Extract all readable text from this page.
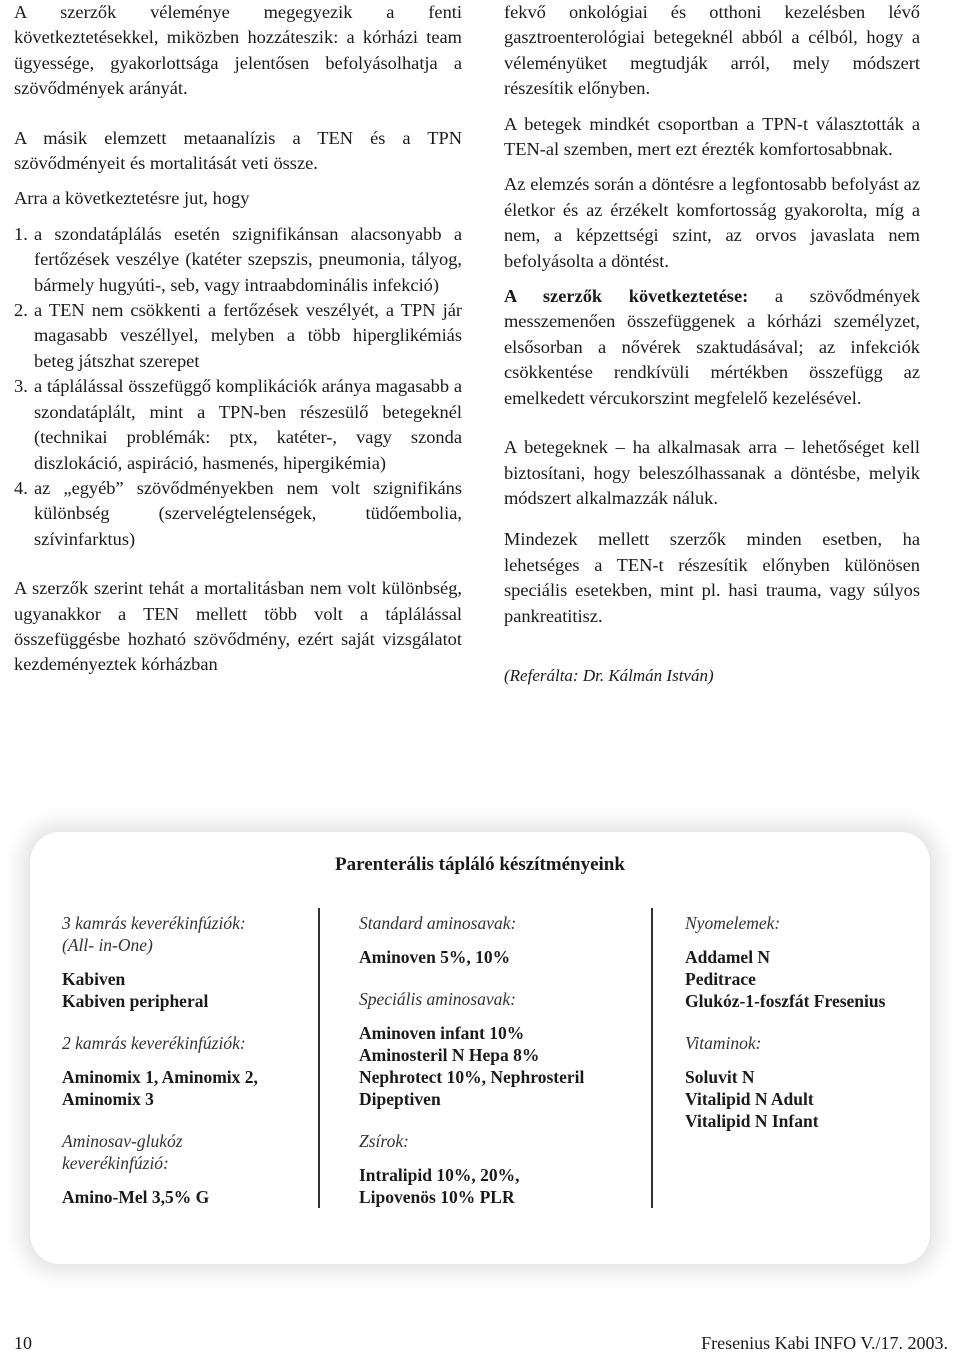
A szerzők véleménye megegyezik a fenti következtetésekkel, miközben hozzáteszik: a kórházi team ügyessége, gyakorlottsága jelentősen befolyásolhatja a szövődmények arányát.

A másik elemzett metaanalízis a TEN és a TPN szövődményeit és mortalitását veti össze.

Arra a következtetésre jut, hogy

1. a szondatáplálás esetén szignifikánsan alacsonyabb a fertőzések veszélye (katéter szepszis, pneumonia, tályog, bármely hugyúti-, seb, vagy intraabdominális infekció)
2. a TEN nem csökkenti a fertőzések veszélyét, a TPN jár magasabb veszéllyel, melyben a több hiperglikémiás beteg játszhat szerepet
3. a táplálással összefüggő komplikációk aránya magasabb a szondatáplált, mint a TPN-ben részesülő betegeknél (technikai problémák: ptx, katéter-, vagy szonda diszlokáció, aspiráció, hasmenés, hipergikémia)
4. az „egyéb” szövődményekben nem volt szignifikáns különbség (szervelégtelenségek, tüdőembolia, szívinfarktus)

A szerzők szerint tehát a mortalitásban nem volt különbség, ugyanakkor a TEN mellett több volt a táplálással összefüggésbe hozható szövődmény, ezért saját vizsgálatot kezdeményeztek kórházban

fekvő onkológiai és otthoni kezelésben lévő gasztroenterológiai betegeknél abból a célból, hogy a véleményüket megtudják arról, mely módszert részesítik előnyben.

A betegek mindkét csoportban a TPN-t választották a TEN-al szemben, mert ezt érezték komfortosabbnak.

Az elemzés során a döntésre a legfontosabb befolyást az életkor és az érzékelt komfortosság gyakorolta, míg a nem, a képzettségi szint, az orvos javaslata nem befolyásolta a döntést.

A szerzők következtetése: a szövődmények messzemenően összefüggenek a kórházi személyzet, elsősorban a nővérek szaktudásával; az infekciók csökkentése rendkívüli mértékben összefügg az emelkedett vércukorszint megfelelő kezelésével.

A betegeknek – ha alkalmasak arra – lehetőséget kell biztosítani, hogy beleszólhassanak a döntésbe, melyik módszert alkalmazzák náluk.

Mindezek mellett szerzők minden esetben, ha lehetséges a TEN-t részesítik előnyben különösen speciális esetekben, mint pl. hasi trauma, vagy súlyos pankreatitisz.

(Referálta: Dr. Kálmán István)

Parenterális tápláló készítményeink
3 kamrás keverékinfúziók:
(All- in-One)
Kabiven
Kabiven peripheral
2 kamrás keverékinfúziók:
Aminomix 1, Aminomix 2,
Aminomix 3
Aminosav-glukóz
keverékinfúzió:
Amino-Mel 3,5% G
Standard aminosavak:
Aminoven 5%, 10%
Speciális aminosavak:
Aminoven infant 10%
Aminosteril N Hepa 8%
Nephrotect 10%, Nephrosteril
Dipeptiven
Zsírok:
Intralipid 10%, 20%,
Lipovenös 10% PLR
Nyomelemek:
Addamel N
Peditrace
Glukóz-1-foszfát Fresenius
Vitaminok:
Soluvit N
Vitalipid N Adult
Vitalipid N Infant
10	Fresenius Kabi INFO V./17. 2003.
